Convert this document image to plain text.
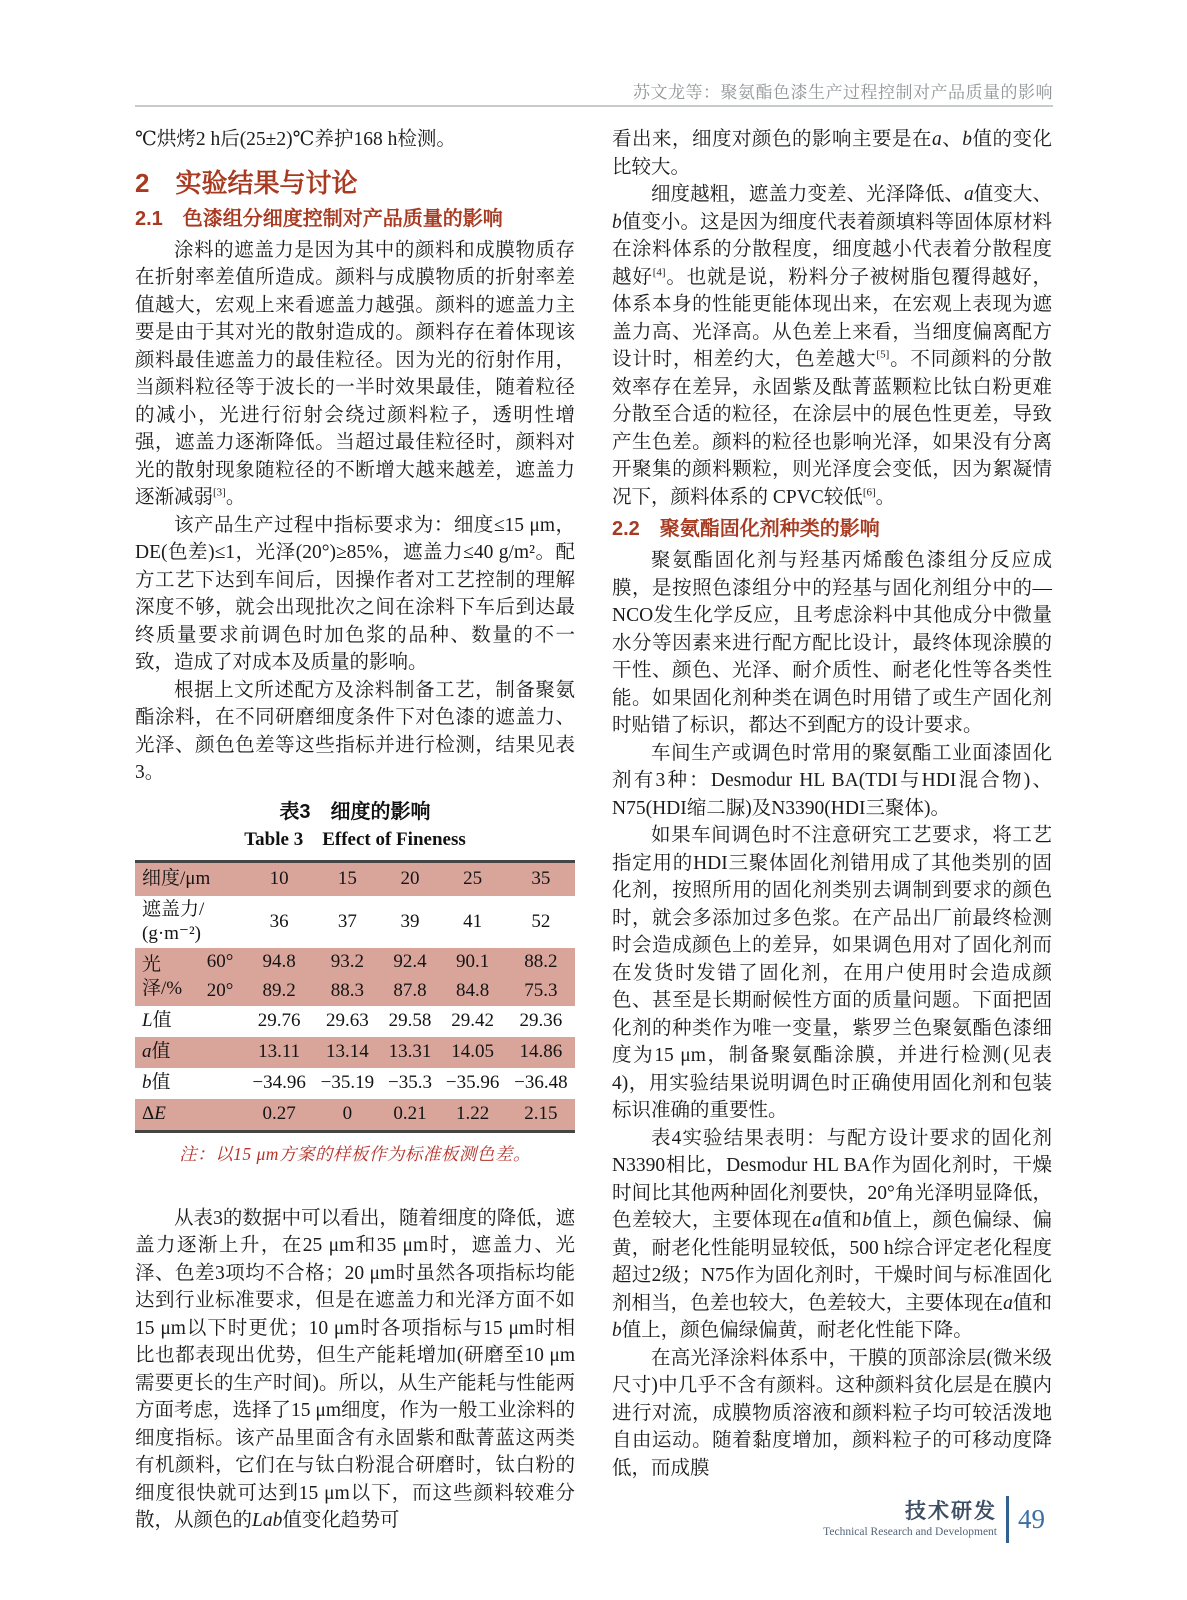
苏文龙等：聚氨酯色漆生产过程控制对产品质量的影响

℃烘烤2 h后(25±2)℃养护168 h检测。

2　实验结果与讨论
2.1　色漆组分细度控制对产品质量的影响

涂料的遮盖力是因为其中的颜料和成膜物质存在折射率差值所造成。颜料与成膜物质的折射率差值越大，宏观上来看遮盖力越强。颜料的遮盖力主要是由于其对光的散射造成的。颜料存在着体现该颜料最佳遮盖力的最佳粒径。因为光的衍射作用，当颜料粒径等于波长的一半时效果最佳，随着粒径的减小，光进行衍射会绕过颜料粒子，透明性增强，遮盖力逐渐降低。当超过最佳粒径时，颜料对光的散射现象随粒径的不断增大越来越差，遮盖力逐渐减弱[3]。

该产品生产过程中指标要求为：细度≤15 μm，DE(色差)≤1，光泽(20°)≥85%，遮盖力≤40 g/m²。配方工艺下达到车间后，因操作者对工艺控制的理解深度不够，就会出现批次之间在涂料下车后到达最终质量要求前调色时加色浆的品种、数量的不一致，造成了对成本及质量的影响。

根据上文所述配方及涂料制备工艺，制备聚氨酯涂料，在不同研磨细度条件下对色漆的遮盖力、光泽、颜色色差等这些指标并进行检测，结果见表3。

表3　细度的影响
Table 3　Effect of Fineness
细度/μm		10	15	20	25	35
遮盖力/
(g·m⁻²)		36	37	39	41	52
光泽/%	60°	94.8	93.2	92.4	90.1	88.2
	20°	89.2	88.3	87.8	84.8	75.3
L值		29.76	29.63	29.58	29.42	29.36
a值		13.11	13.14	13.31	14.05	14.86
b值		−34.96	−35.19	−35.3	−35.96	−36.48
ΔE		0.27	0	0.21	1.22	2.15
注：以15 μm方案的样板作为标准板测色差。

从表3的数据中可以看出，随着细度的降低，遮盖力逐渐上升，在25 μm和35 μm时，遮盖力、光泽、色差3项均不合格；20 μm时虽然各项指标均能达到行业标准要求，但是在遮盖力和光泽方面不如15 μm以下时更优；10 μm时各项指标与15 μm时相比也都表现出优势，但生产能耗增加(研磨至10 μm需要更长的生产时间)。所以，从生产能耗与性能两方面考虑，选择了15 μm细度，作为一般工业涂料的细度指标。该产品里面含有永固紫和酞菁蓝这两类有机颜料，它们在与钛白粉混合研磨时，钛白粉的细度很快就可达到15 μm以下，而这些颜料较难分散，从颜色的Lab值变化趋势可

看出来，细度对颜色的影响主要是在a、b值的变化比较大。

细度越粗，遮盖力变差、光泽降低、a值变大、b值变小。这是因为细度代表着颜填料等固体原材料在涂料体系的分散程度，细度越小代表着分散程度越好[4]。也就是说，粉料分子被树脂包覆得越好，体系本身的性能更能体现出来，在宏观上表现为遮盖力高、光泽高。从色差上来看，当细度偏离配方设计时，相差约大，色差越大[5]。不同颜料的分散效率存在差异，永固紫及酞菁蓝颗粒比钛白粉更难分散至合适的粒径，在涂层中的展色性更差，导致产生色差。颜料的粒径也影响光泽，如果没有分离开聚集的颜料颗粒，则光泽度会变低，因为絮凝情况下，颜料体系的 CPVC较低[6]。

2.2　聚氨酯固化剂种类的影响

聚氨酯固化剂与羟基丙烯酸色漆组分反应成膜，是按照色漆组分中的羟基与固化剂组分中的—NCO发生化学反应，且考虑涂料中其他成分中微量水分等因素来进行配方配比设计，最终体现涂膜的干性、颜色、光泽、耐介质性、耐老化性等各类性能。如果固化剂种类在调色时用错了或生产固化剂时贴错了标识，都达不到配方的设计要求。

车间生产或调色时常用的聚氨酯工业面漆固化剂有3种：Desmodur HL BA(TDI与HDI混合物)、N75(HDI缩二脲)及N3390(HDI三聚体)。

如果车间调色时不注意研究工艺要求，将工艺指定用的HDI三聚体固化剂错用成了其他类别的固化剂，按照所用的固化剂类别去调制到要求的颜色时，就会多添加过多色浆。在产品出厂前最终检测时会造成颜色上的差异，如果调色用对了固化剂而在发货时发错了固化剂，在用户使用时会造成颜色、甚至是长期耐候性方面的质量问题。下面把固化剂的种类作为唯一变量，紫罗兰色聚氨酯色漆细度为15 μm，制备聚氨酯涂膜，并进行检测(见表4)，用实验结果说明调色时正确使用固化剂和包装标识准确的重要性。

表4实验结果表明：与配方设计要求的固化剂N3390相比，Desmodur HL BA作为固化剂时，干燥时间比其他两种固化剂要快，20°角光泽明显降低，色差较大，主要体现在a值和b值上，颜色偏绿、偏黄，耐老化性能明显较低，500 h综合评定老化程度超过2级；N75作为固化剂时，干燥时间与标准固化剂相当，色差也较大，色差较大，主要体现在a值和b值上，颜色偏绿偏黄，耐老化性能下降。

在高光泽涂料体系中，干膜的顶部涂层(微米级尺寸)中几乎不含有颜料。这种颜料贫化层是在膜内进行对流，成膜物质溶液和颜料粒子均可较活泼地自由运动。随着黏度增加，颜料粒子的可移动度降低，而成膜

技术研发
Technical Research and Development 49
